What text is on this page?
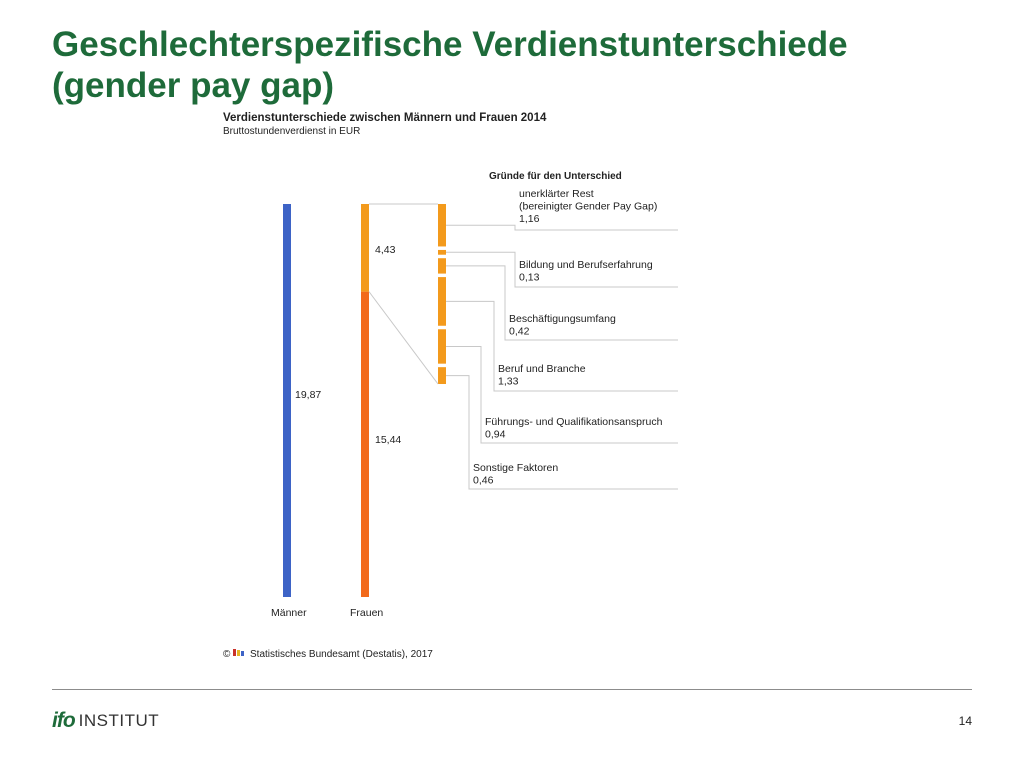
Geschlechterspezifische Verdienstunterschiede (gender pay gap)
Verdienstunterschiede zwischen Männern und Frauen 2014
Bruttostundenverdienst in EUR
19,87
15,44
4,43
Männer	Frauen
Gründe für den Unterschied
unerklärter Rest
(bereinigter Gender Pay Gap)
1,16
Bildung und Berufserfahrung
0,13
Beschäftigungsumfang
0,42
Beruf und Branche
1,33
Führungs- und Qualifikationsanspruch
0,94
Sonstige Faktoren
0,46
© Statistisches Bundesamt (Destatis), 2017
ifo INSTITUT	14
